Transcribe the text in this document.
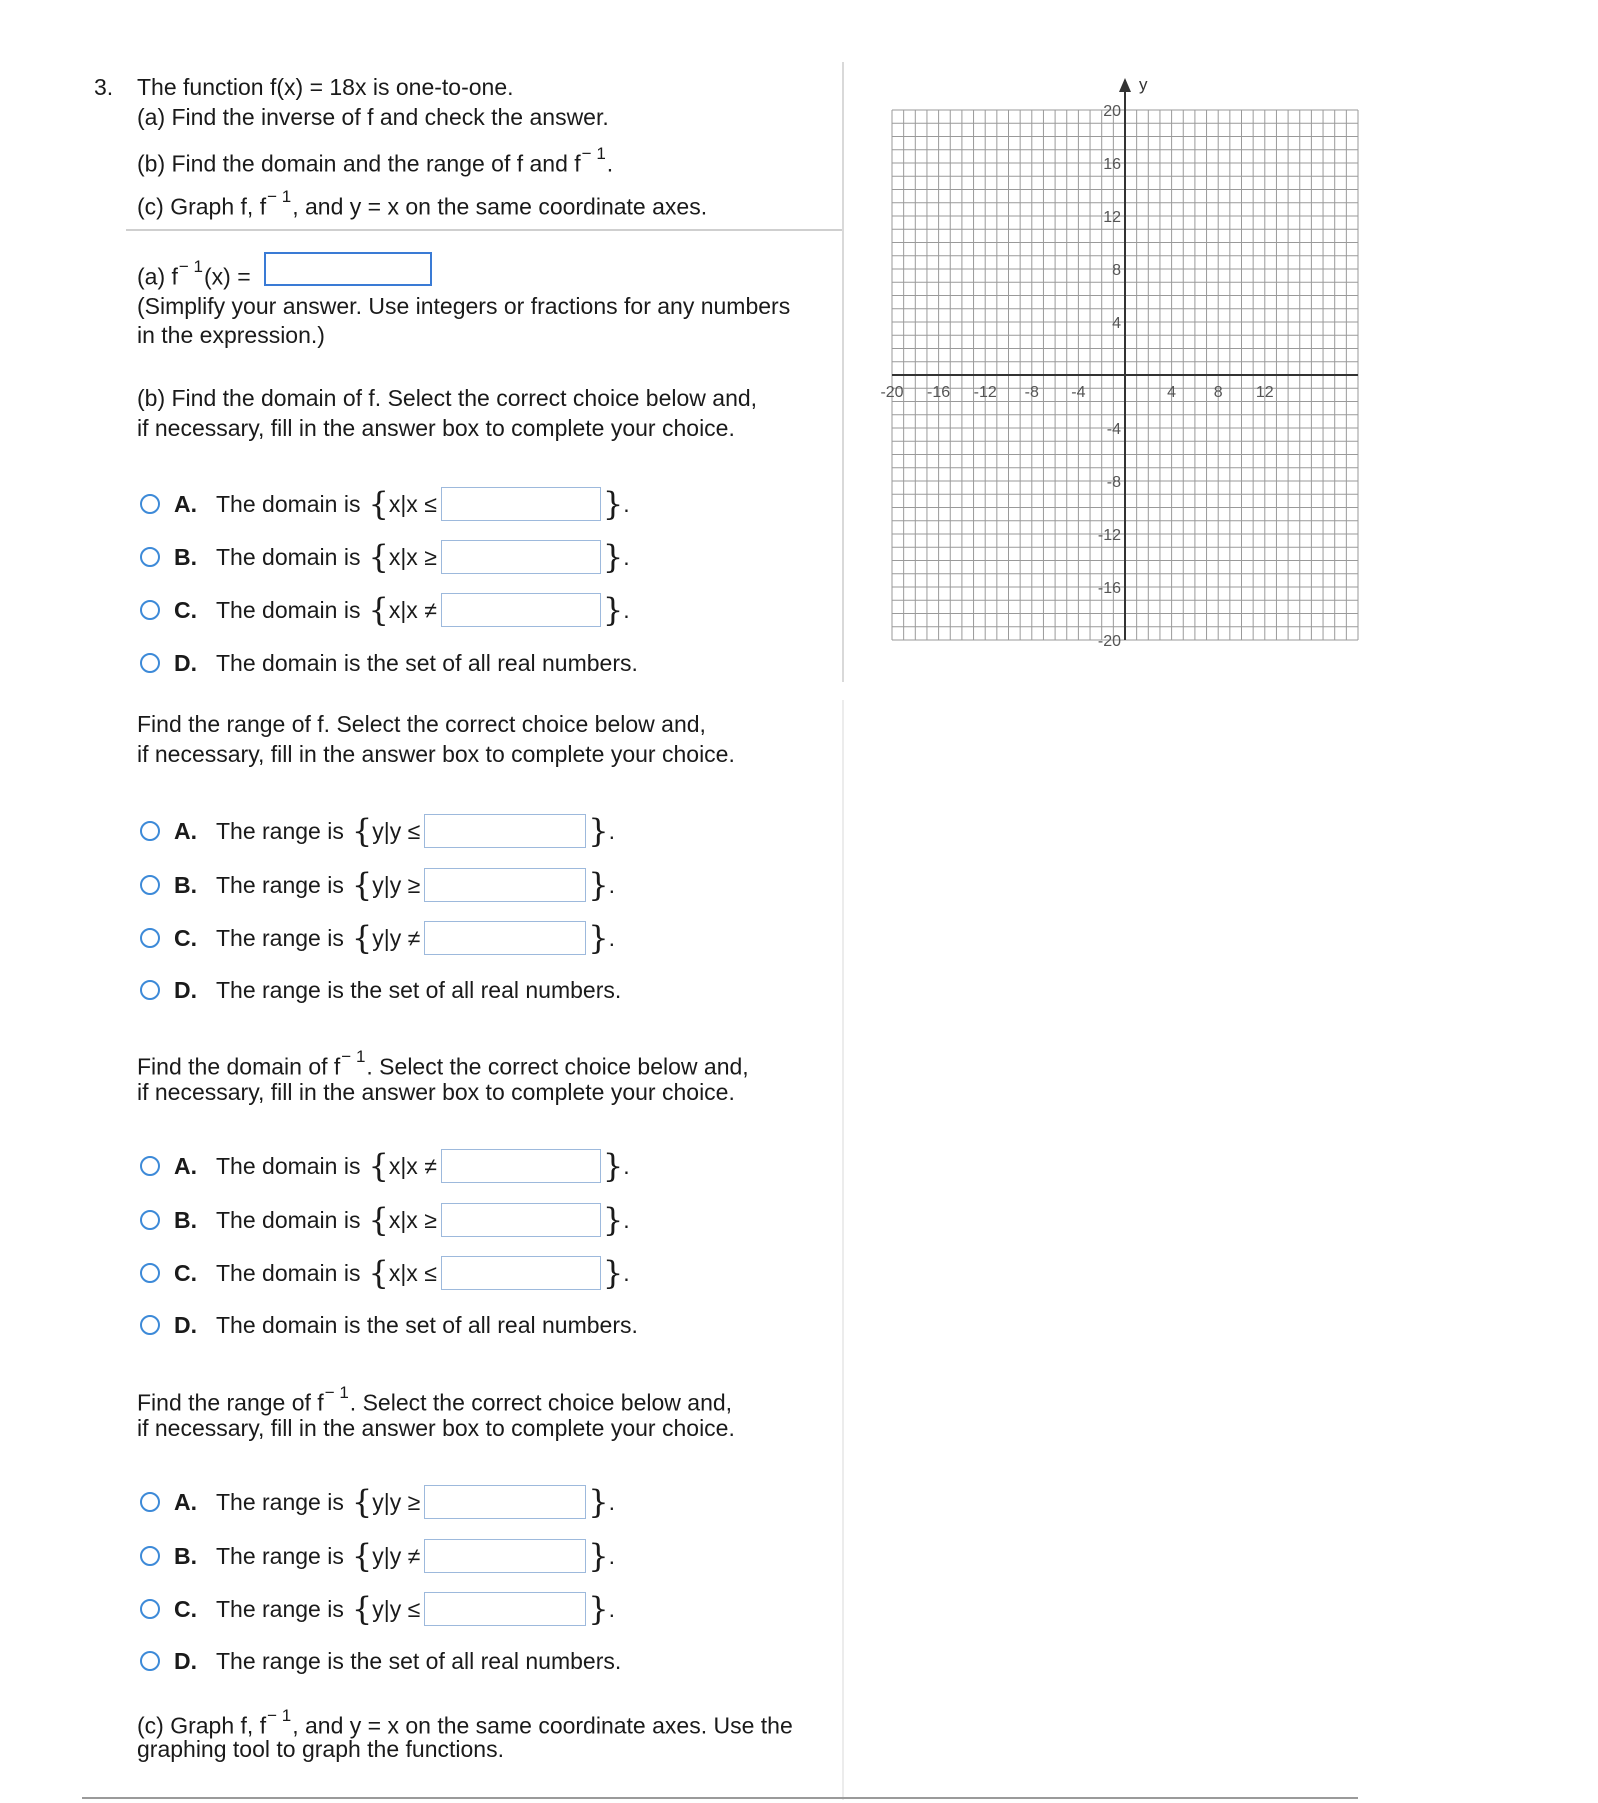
3. The function f(x) = 18x is one-to-one.
(a) Find the inverse of f and check the answer.
(b) Find the domain and the range of f and $f^{- 1}$.
(c) Graph f, $f^{- 1}$, and y = x on the same coordinate axes.
(a) $f^{- 1}(x)$ =
(Simplify your answer. Use integers or fractions for any numbers
in the expression.)
(b) Find the domain of f. Select the correct choice below and,
if necessary, fill in the answer box to complete your choice.
A. The domain is {x|x ≤	} .
B. The domain is {x|x ≥	} .
C. The domain is {x|x ≠	} .
D. The domain is the set of all real numbers.
Find the range of f. Select the correct choice below and,
if necessary, fill in the answer box to complete your choice.
A. The range is {y|y ≤	} .
B. The range is {y|y ≥	} .
C. The range is {y|y ≠	} .
D. The range is the set of all real numbers.
Find the domain of $f^{- 1}$. Select the correct choice below and,
if necessary, fill in the answer box to complete your choice.
A. The domain is {x|x ≠	} .
B. The domain is {x|x ≥	} .
C. The domain is {x|x ≤	} .
D. The domain is the set of all real numbers.
Find the range of $f^{- 1}$. Select the correct choice below and,
if necessary, fill in the answer box to complete your choice.
A. The range is {y|y ≥	} .
B. The range is {y|y ≠	} .
C. The range is {y|y ≤	} .
D. The range is the set of all real numbers.
(c) Graph f, $f^{- 1}$, and y = x on the same coordinate axes. Use the
graphing tool to graph the functions.
y
-20 -16 -12 -8 -4	4 8 12
20
16
12
8
4
-4
-8
-12
-16
-20
